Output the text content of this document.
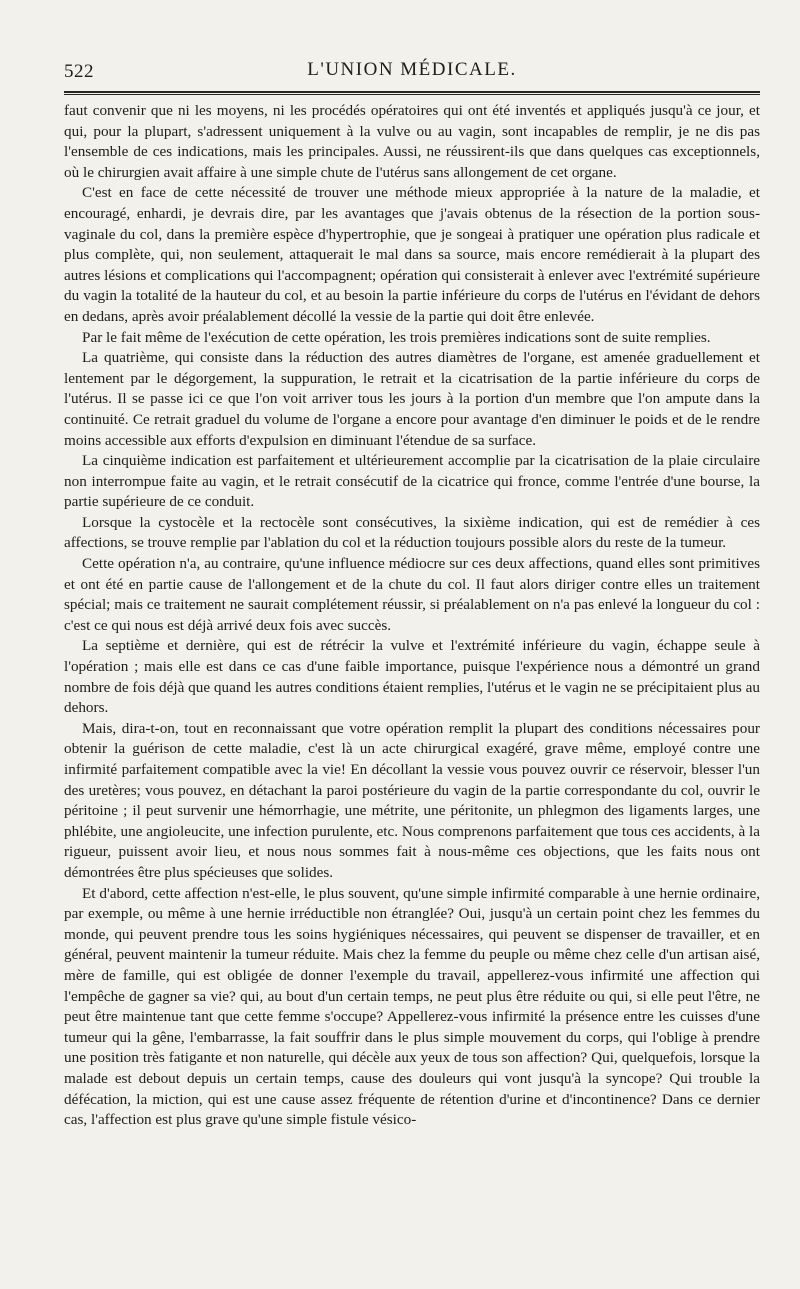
522	L'UNION MÉDICALE.

faut convenir que ni les moyens, ni les procédés opératoires qui ont été inventés et appliqués jusqu'à ce jour, et qui, pour la plupart, s'adressent uniquement à la vulve ou au vagin, sont incapables de remplir, je ne dis pas l'ensemble de ces indications, mais les principales. Aussi, ne réussirent-ils que dans quelques cas exceptionnels, où le chirurgien avait affaire à une simple chute de l'utérus sans allongement de cet organe.

C'est en face de cette nécessité de trouver une méthode mieux appropriée à la nature de la maladie, et encouragé, enhardi, je devrais dire, par les avantages que j'avais obtenus de la résection de la portion sous-vaginale du col, dans la première espèce d'hypertrophie, que je songeai à pratiquer une opération plus radicale et plus complète, qui, non seulement, attaquerait le mal dans sa source, mais encore remédierait à la plupart des autres lésions et complications qui l'accompagnent; opération qui consisterait à enlever avec l'extrémité supérieure du vagin la totalité de la hauteur du col, et au besoin la partie inférieure du corps de l'utérus en l'évidant de dehors en dedans, après avoir préalablement décollé la vessie de la partie qui doit être enlevée.

Par le fait même de l'exécution de cette opération, les trois premières indications sont de suite remplies.

La quatrième, qui consiste dans la réduction des autres diamètres de l'organe, est amenée graduellement et lentement par le dégorgement, la suppuration, le retrait et la cicatrisation de la partie inférieure du corps de l'utérus. Il se passe ici ce que l'on voit arriver tous les jours à la portion d'un membre que l'on ampute dans la continuité. Ce retrait graduel du volume de l'organe a encore pour avantage d'en diminuer le poids et de le rendre moins accessible aux efforts d'expulsion en diminuant l'étendue de sa surface.

La cinquième indication est parfaitement et ultérieurement accomplie par la cicatrisation de la plaie circulaire non interrompue faite au vagin, et le retrait consécutif de la cicatrice qui fronce, comme l'entrée d'une bourse, la partie supérieure de ce conduit.

Lorsque la cystocèle et la rectocèle sont consécutives, la sixième indication, qui est de remédier à ces affections, se trouve remplie par l'ablation du col et la réduction toujours possible alors du reste de la tumeur.

Cette opération n'a, au contraire, qu'une influence médiocre sur ces deux affections, quand elles sont primitives et ont été en partie cause de l'allongement et de la chute du col. Il faut alors diriger contre elles un traitement spécial; mais ce traitement ne saurait complétement réussir, si préalablement on n'a pas enlevé la longueur du col : c'est ce qui nous est déjà arrivé deux fois avec succès.

La septième et dernière, qui est de rétrécir la vulve et l'extrémité inférieure du vagin, échappe seule à l'opération ; mais elle est dans ce cas d'une faible importance, puisque l'expérience nous a démontré un grand nombre de fois déjà que quand les autres conditions étaient remplies, l'utérus et le vagin ne se précipitaient plus au dehors.

Mais, dira-t-on, tout en reconnaissant que votre opération remplit la plupart des conditions nécessaires pour obtenir la guérison de cette maladie, c'est là un acte chirurgical exagéré, grave même, employé contre une infirmité parfaitement compatible avec la vie! En décollant la vessie vous pouvez ouvrir ce réservoir, blesser l'un des uretères; vous pouvez, en détachant la paroi postérieure du vagin de la partie correspondante du col, ouvrir le péritoine ; il peut survenir une hémorrhagie, une métrite, une péritonite, un phlegmon des ligaments larges, une phlébite, une angioleucite, une infection purulente, etc. Nous comprenons parfaitement que tous ces accidents, à la rigueur, puissent avoir lieu, et nous nous sommes fait à nous-même ces objections, que les faits nous ont démontrées être plus spécieuses que solides.

Et d'abord, cette affection n'est-elle, le plus souvent, qu'une simple infirmité comparable à une hernie ordinaire, par exemple, ou même à une hernie irréductible non étranglée? Oui, jusqu'à un certain point chez les femmes du monde, qui peuvent prendre tous les soins hygiéniques nécessaires, qui peuvent se dispenser de travailler, et en général, peuvent maintenir la tumeur réduite. Mais chez la femme du peuple ou même chez celle d'un artisan aisé, mère de famille, qui est obligée de donner l'exemple du travail, appellerez-vous infirmité une affection qui l'empêche de gagner sa vie? qui, au bout d'un certain temps, ne peut plus être réduite ou qui, si elle peut l'être, ne peut être maintenue tant que cette femme s'occupe? Appellerez-vous infirmité la présence entre les cuisses d'une tumeur qui la gêne, l'embarrasse, la fait souffrir dans le plus simple mouvement du corps, qui l'oblige à prendre une position très fatigante et non naturelle, qui décèle aux yeux de tous son affection? Qui, quelquefois, lorsque la malade est debout depuis un certain temps, cause des douleurs qui vont jusqu'à la syncope? Qui trouble la défécation, la miction, qui est une cause assez fréquente de rétention d'urine et d'incontinence? Dans ce dernier cas, l'affection est plus grave qu'une simple fistule vésico-
